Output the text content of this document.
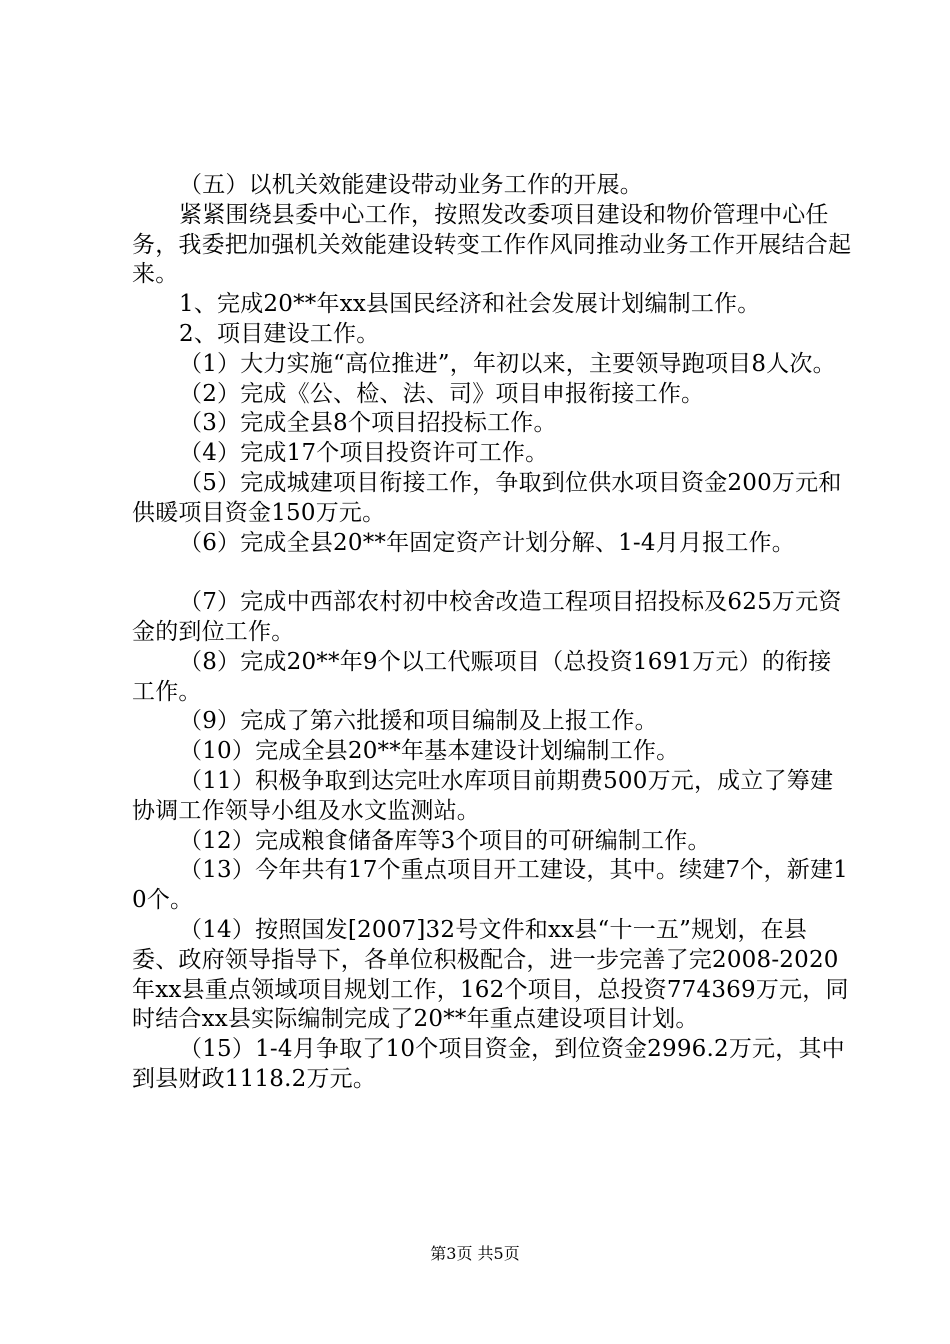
（五）以机关效能建设带动业务工作的开展。

紧紧围绕县委中心工作，按照发改委项目建设和物价管理中心任务，我委把加强机关效能建设转变工作作风同推动业务工作开展结合起来。

1、完成20**年xx县国民经济和社会发展计划编制工作。

2、项目建设工作。

（1）大力实施“高位推进”，年初以来，主要领导跑项目8人次。

（2）完成《公、检、法、司》项目申报衔接工作。

（3）完成全县8个项目招投标工作。

（4）完成17个项目投资许可工作。

（5）完成城建项目衔接工作，争取到位供水项目资金200万元和供暖项目资金150万元。

（6）完成全县20**年固定资产计划分解、1-4月月报工作。

（7）完成中西部农村初中校舍改造工程项目招投标及625万元资金的到位工作。

（8）完成20**年9个以工代赈项目（总投资1691万元）的衔接工作。

（9）完成了第六批援和项目编制及上报工作。

（10）完成全县20**年基本建设计划编制工作。

（11）积极争取到达完吐水库项目前期费500万元，成立了筹建协调工作领导小组及水文监测站。

（12）完成粮食储备库等3个项目的可研编制工作。

（13）今年共有17个重点项目开工建设，其中。续建7个，新建10个。

（14）按照国发[2007]32号文件和xx县“十一五”规划，在县委、政府领导指导下，各单位积极配合，进一步完善了完2008-2020年xx县重点领域项目规划工作，162个项目，总投资774369万元，同时结合xx县实际编制完成了20**年重点建设项目计划。

（15）1-4月争取了10个项目资金，到位资金2996.2万元，其中到县财政1118.2万元。

第3页 共5页
